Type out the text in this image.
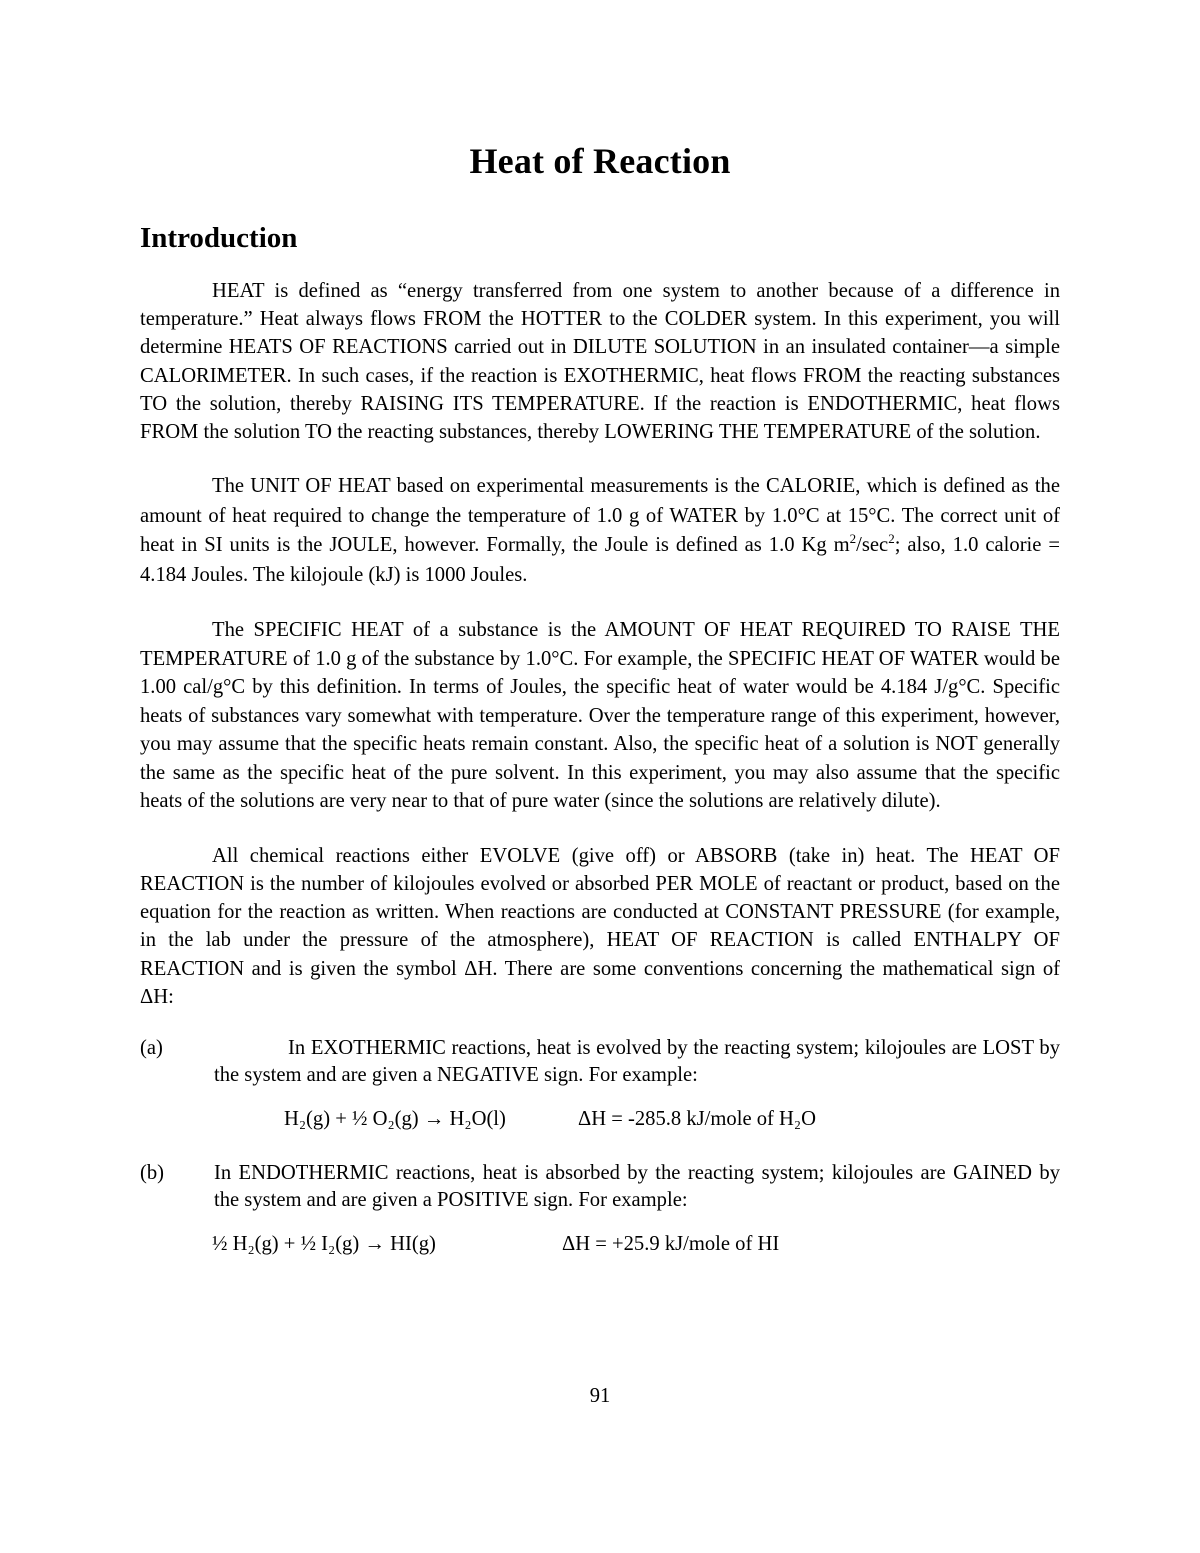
Heat of Reaction
Introduction

HEAT is defined as “energy transferred from one system to another because of a difference in temperature.” Heat always flows FROM the HOTTER to the COLDER system. In this experiment, you will determine HEATS OF REACTIONS carried out in DILUTE SOLUTION in an insulated container—a simple CALORIMETER. In such cases, if the reaction is EXOTHERMIC, heat flows FROM the reacting substances TO the solution, thereby RAISING ITS TEMPERATURE. If the reaction is ENDOTHERMIC, heat flows FROM the solution TO the reacting substances, thereby LOWERING THE TEMPERATURE of the solution.

The UNIT OF HEAT based on experimental measurements is the CALORIE, which is defined as the amount of heat required to change the temperature of 1.0 g of WATER by 1.0°C at 15°C. The correct unit of heat in SI units is the JOULE, however. Formally, the Joule is defined as 1.0 Kg $m^2/\sec^2$; also, 1.0 calorie = 4.184 Joules. The kilojoule (kJ) is 1000 Joules.

The SPECIFIC HEAT of a substance is the AMOUNT OF HEAT REQUIRED TO RAISE THE TEMPERATURE of 1.0 g of the substance by 1.0°C. For example, the SPECIFIC HEAT OF WATER would be 1.00 cal/g°C by this definition. In terms of Joules, the specific heat of water would be 4.184 J/g°C. Specific heats of substances vary somewhat with temperature. Over the temperature range of this experiment, however, you may assume that the specific heats remain constant. Also, the specific heat of a solution is NOT generally the same as the specific heat of the pure solvent. In this experiment, you may also assume that the specific heats of the solutions are very near to that of pure water (since the solutions are relatively dilute).

All chemical reactions either EVOLVE (give off) or ABSORB (take in) heat. The HEAT OF REACTION is the number of kilojoules evolved or absorbed PER MOLE of reactant or product, based on the equation for the reaction as written. When reactions are conducted at CONSTANT PRESSURE (for example, in the lab under the pressure of the atmosphere), HEAT OF REACTION is called ENTHALPY OF REACTION and is given the symbol ΔH. There are some conventions concerning the mathematical sign of ΔH:

(a)	In EXOTHERMIC reactions, heat is evolved by the reacting system; kilojoules are LOST by the system and are given a NEGATIVE sign. For example:
H₂(g) + ½ O₂(g) → H₂O(l)	ΔH = -285.8 kJ/mole of H₂O
(b)	In ENDOTHERMIC reactions, heat is absorbed by the reacting system; kilojoules are GAINED by the system and are given a POSITIVE sign. For example:
½ H₂(g) + ½ I₂(g) → HI(g)	ΔH = +25.9 kJ/mole of HI
91
